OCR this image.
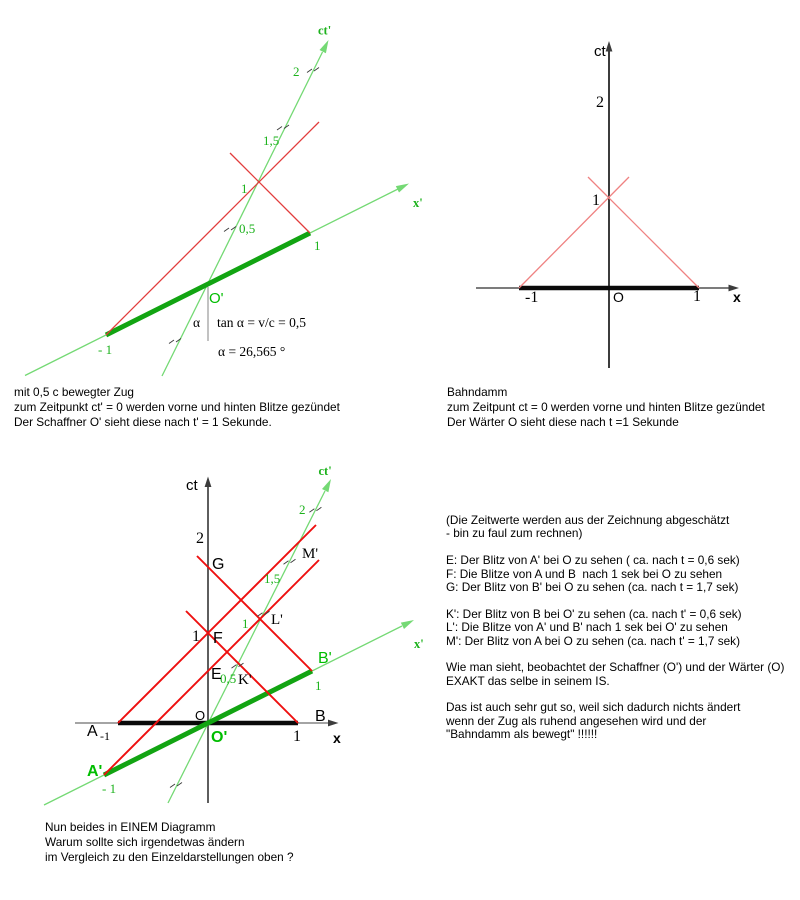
ct'
2
1,5
1
0,5
x'
O'
1
- 1
α tan α = v/c = 0,5
α = 26,565 °
ct
2
1
-1	O	1 x
ct
2
1
ct'
x'
x
0,5
1
1,5
2
G
F
E K'
L'
M'
A -1
O
O'
B
1
A'
- 1
B'
1
mit 0,5 c bewegter Zug
zum Zeitpunkt ct' = 0 werden vorne und hinten Blitze gezündet
Der Schaffner O' sieht diese nach t' = 1 Sekunde.
Bahndamm
zum Zeitpunt ct = 0 werden vorne und hinten Blitze gezündet
Der Wärter O sieht diese nach t =1 Sekunde
Nun beides in EINEM Diagramm
Warum sollte sich irgendetwas ändern
im Vergleich zu den Einzeldarstellungen oben ?
(Die Zeitwerte werden aus der Zeichnung abgeschätzt
- bin zu faul zum rechnen)
E: Der Blitz von A' bei O zu sehen ( ca. nach t = 0,6 sek)
F: Die Blitze von A und B  nach 1 sek bei O zu sehen
G: Der Blitz von B' bei O zu sehen (ca. nach t = 1,7 sek)
K': Der Blitz von B bei O' zu sehen (ca. nach t' = 0,6 sek)
L': Die Blitze von A' und B' nach 1 sek bei O' zu sehen
M': Der Blitz von A bei O zu sehen (ca. nach t' = 1,7 sek)
Wie man sieht, beobachtet der Schaffner (O') und der Wärter (O)
EXAKT das selbe in seinem IS.
Das ist auch sehr gut so, weil sich dadurch nichts ändert
wenn der Zug als ruhend angesehen wird und der
"Bahndamm als bewegt" !!!!!!
